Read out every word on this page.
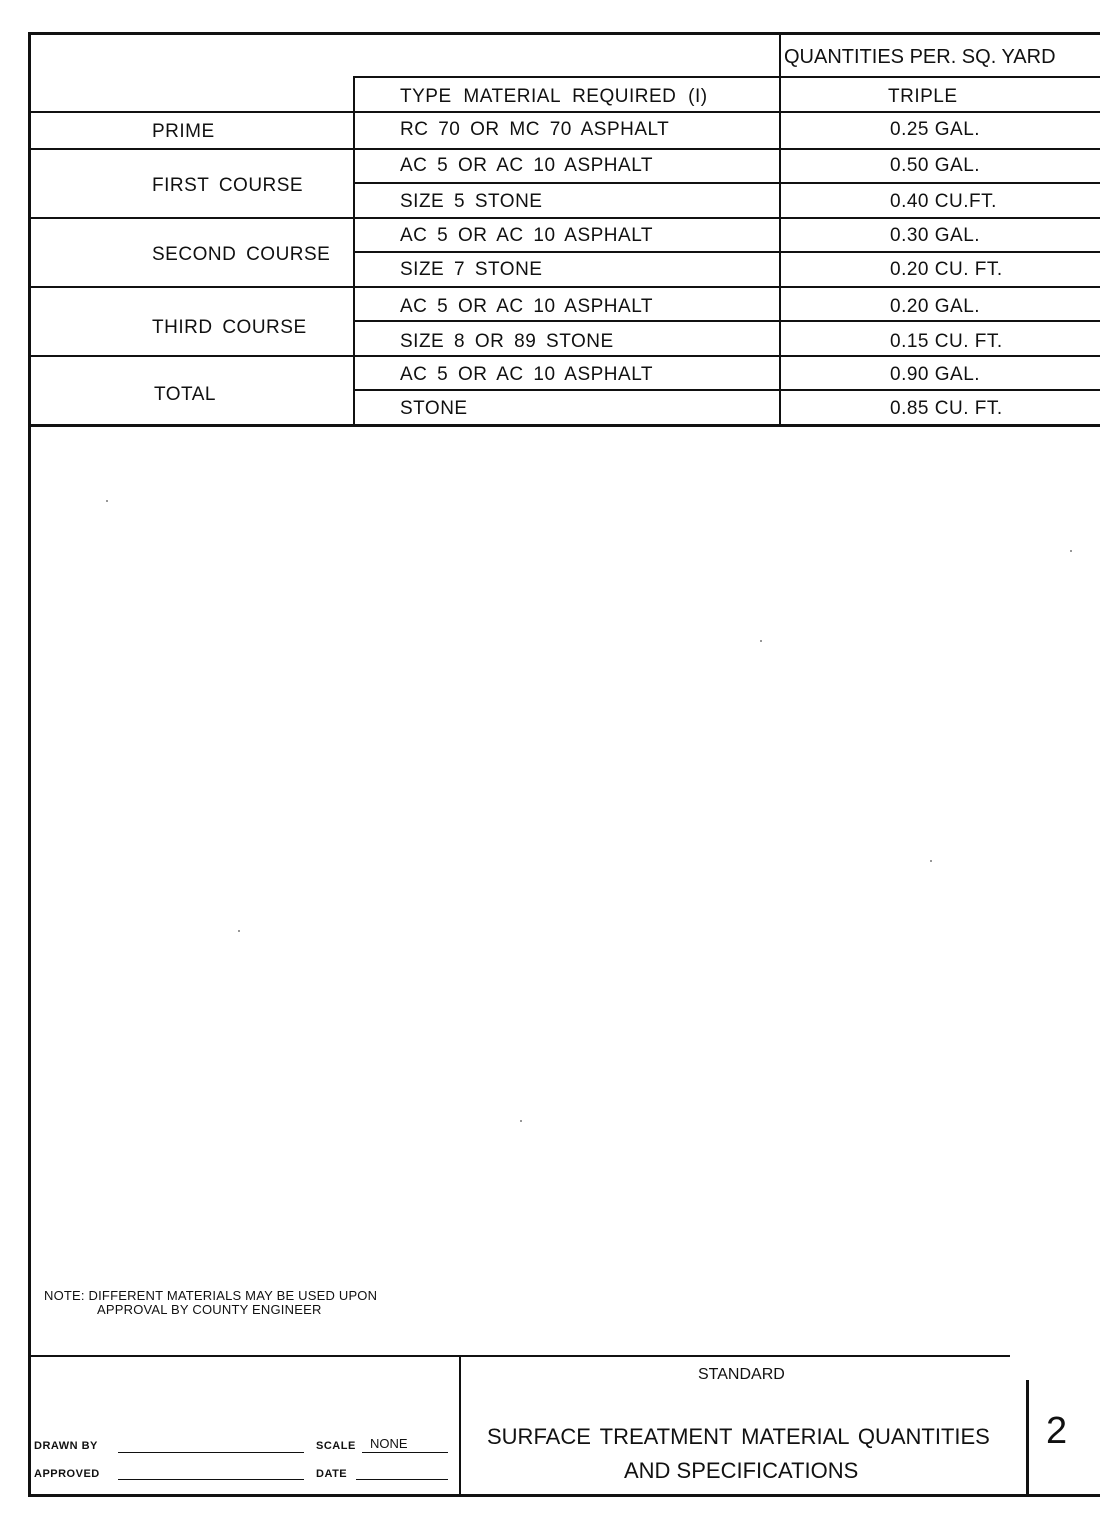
QUANTITIES PER. SQ. YARD
TYPE MATERIAL REQUIRED (I)	TRIPLE
PRIME	RC 70 OR MC 70 ASPHALT	0.25 GAL.
FIRST COURSE
AC 5 OR AC 10 ASPHALT	0.50 GAL.
SIZE 5 STONE	0.40 CU.FT.
SECOND COURSE
AC 5 OR AC 10 ASPHALT	0.30 GAL.
SIZE 7 STONE	0.20 CU. FT.
THIRD COURSE
AC 5 OR AC 10 ASPHALT	0.20 GAL.
SIZE 8 OR 89 STONE	0.15 CU. FT.
TOTAL
AC 5 OR AC 10 ASPHALT	0.90 GAL.
STONE	0.85 CU. FT.
NOTE: DIFFERENT MATERIALS MAY BE USED UPON
APPROVAL BY COUNTY ENGINEER
DRAWN BY	SCALE NONE
APPROVED	DATE
STANDARD
SURFACE TREATMENT MATERIAL QUANTITIES
AND SPECIFICATIONS
2
